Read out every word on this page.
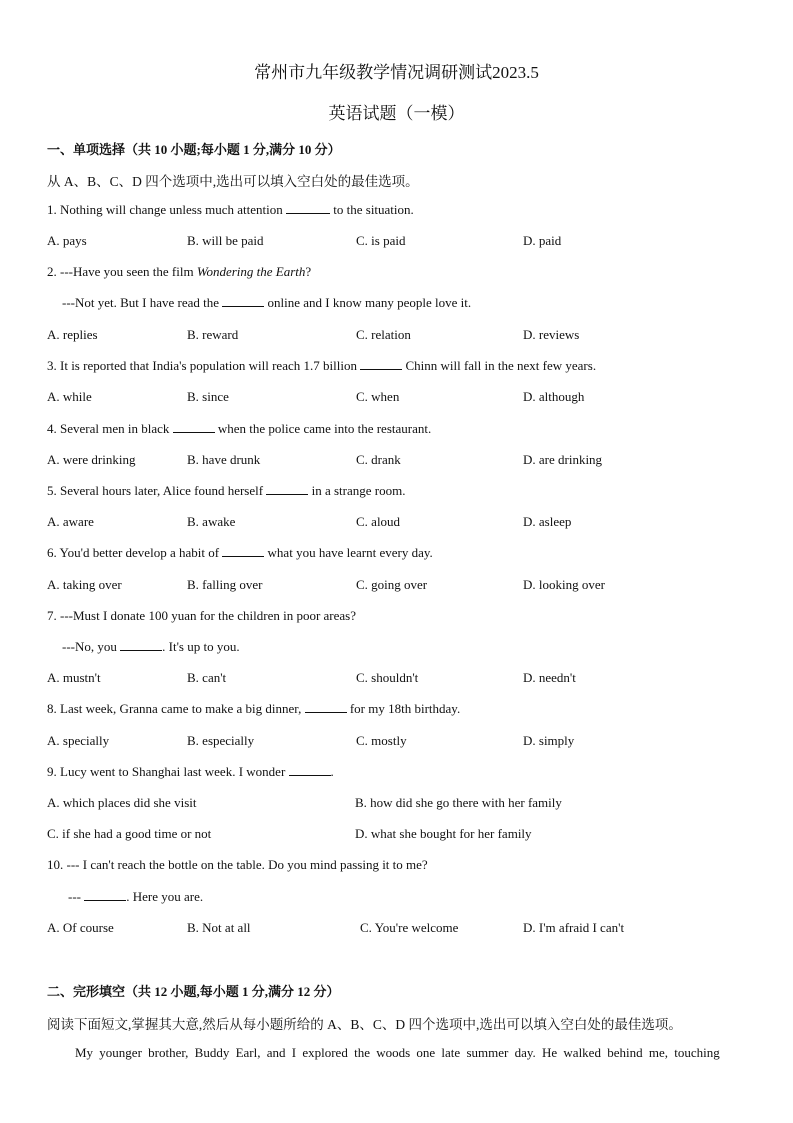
常州市九年级教学情况调研测试2023.5
英语试题（一模）
一、单项选择（共 10 小题;每小题 1 分,满分 10 分）
从 A、B、C、D 四个选项中,选出可以填入空白处的最佳选项。
1. Nothing will change unless much attention	to the situation.
A. pays	B. will be paid	C. is paid	D. paid
2. ---Have you seen the film Wondering the Earth?
---Not yet. But I have read the	online and I know many people love it.
A. replies	B. reward	C. relation	D. reviews
3. It is reported that India's population will reach 1.7 billion	Chinn will fall in the next few years.
A. while	B. since	C. when	D. although
4. Several men in black	when the police came into the restaurant.
A. were drinking	B. have drunk	C. drank	D. are drinking
5. Several hours later, Alice found herself	in a strange room.
A. aware	B. awake	C. aloud	D. asleep
6. You'd better develop a habit of	what you have learnt every day.
A. taking over	B. falling over	C. going over	D. looking over
7. ---Must I donate 100 yuan for the children in poor areas?
---No, you	. It's up to you.
A. mustn't	B. can't	C. shouldn't	D. needn't
8. Last week, Granna came to make a big dinner,	for my 18th birthday.
A. specially	B. especially	C. mostly	D. simply
9. Lucy went to Shanghai last week. I wonder	.
A. which places did she visit	B. how did she go there with her family
C. if she had a good time or not	D. what she bought for her family
10. --- I can't reach the bottle on the table. Do you mind passing it to me?
---	. Here you are.
A. Of course	B. Not at all	C. You're welcome	D. I'm afraid I can't
二、完形填空（共 12 小题,每小题 1 分,满分 12 分）
阅读下面短文,掌握其大意,然后从每小题所给的 A、B、C、D 四个选项中,选出可以填入空白处的最佳选项。
My younger brother, Buddy Earl, and I explored the woods one late summer day. He walked behind me, touching
